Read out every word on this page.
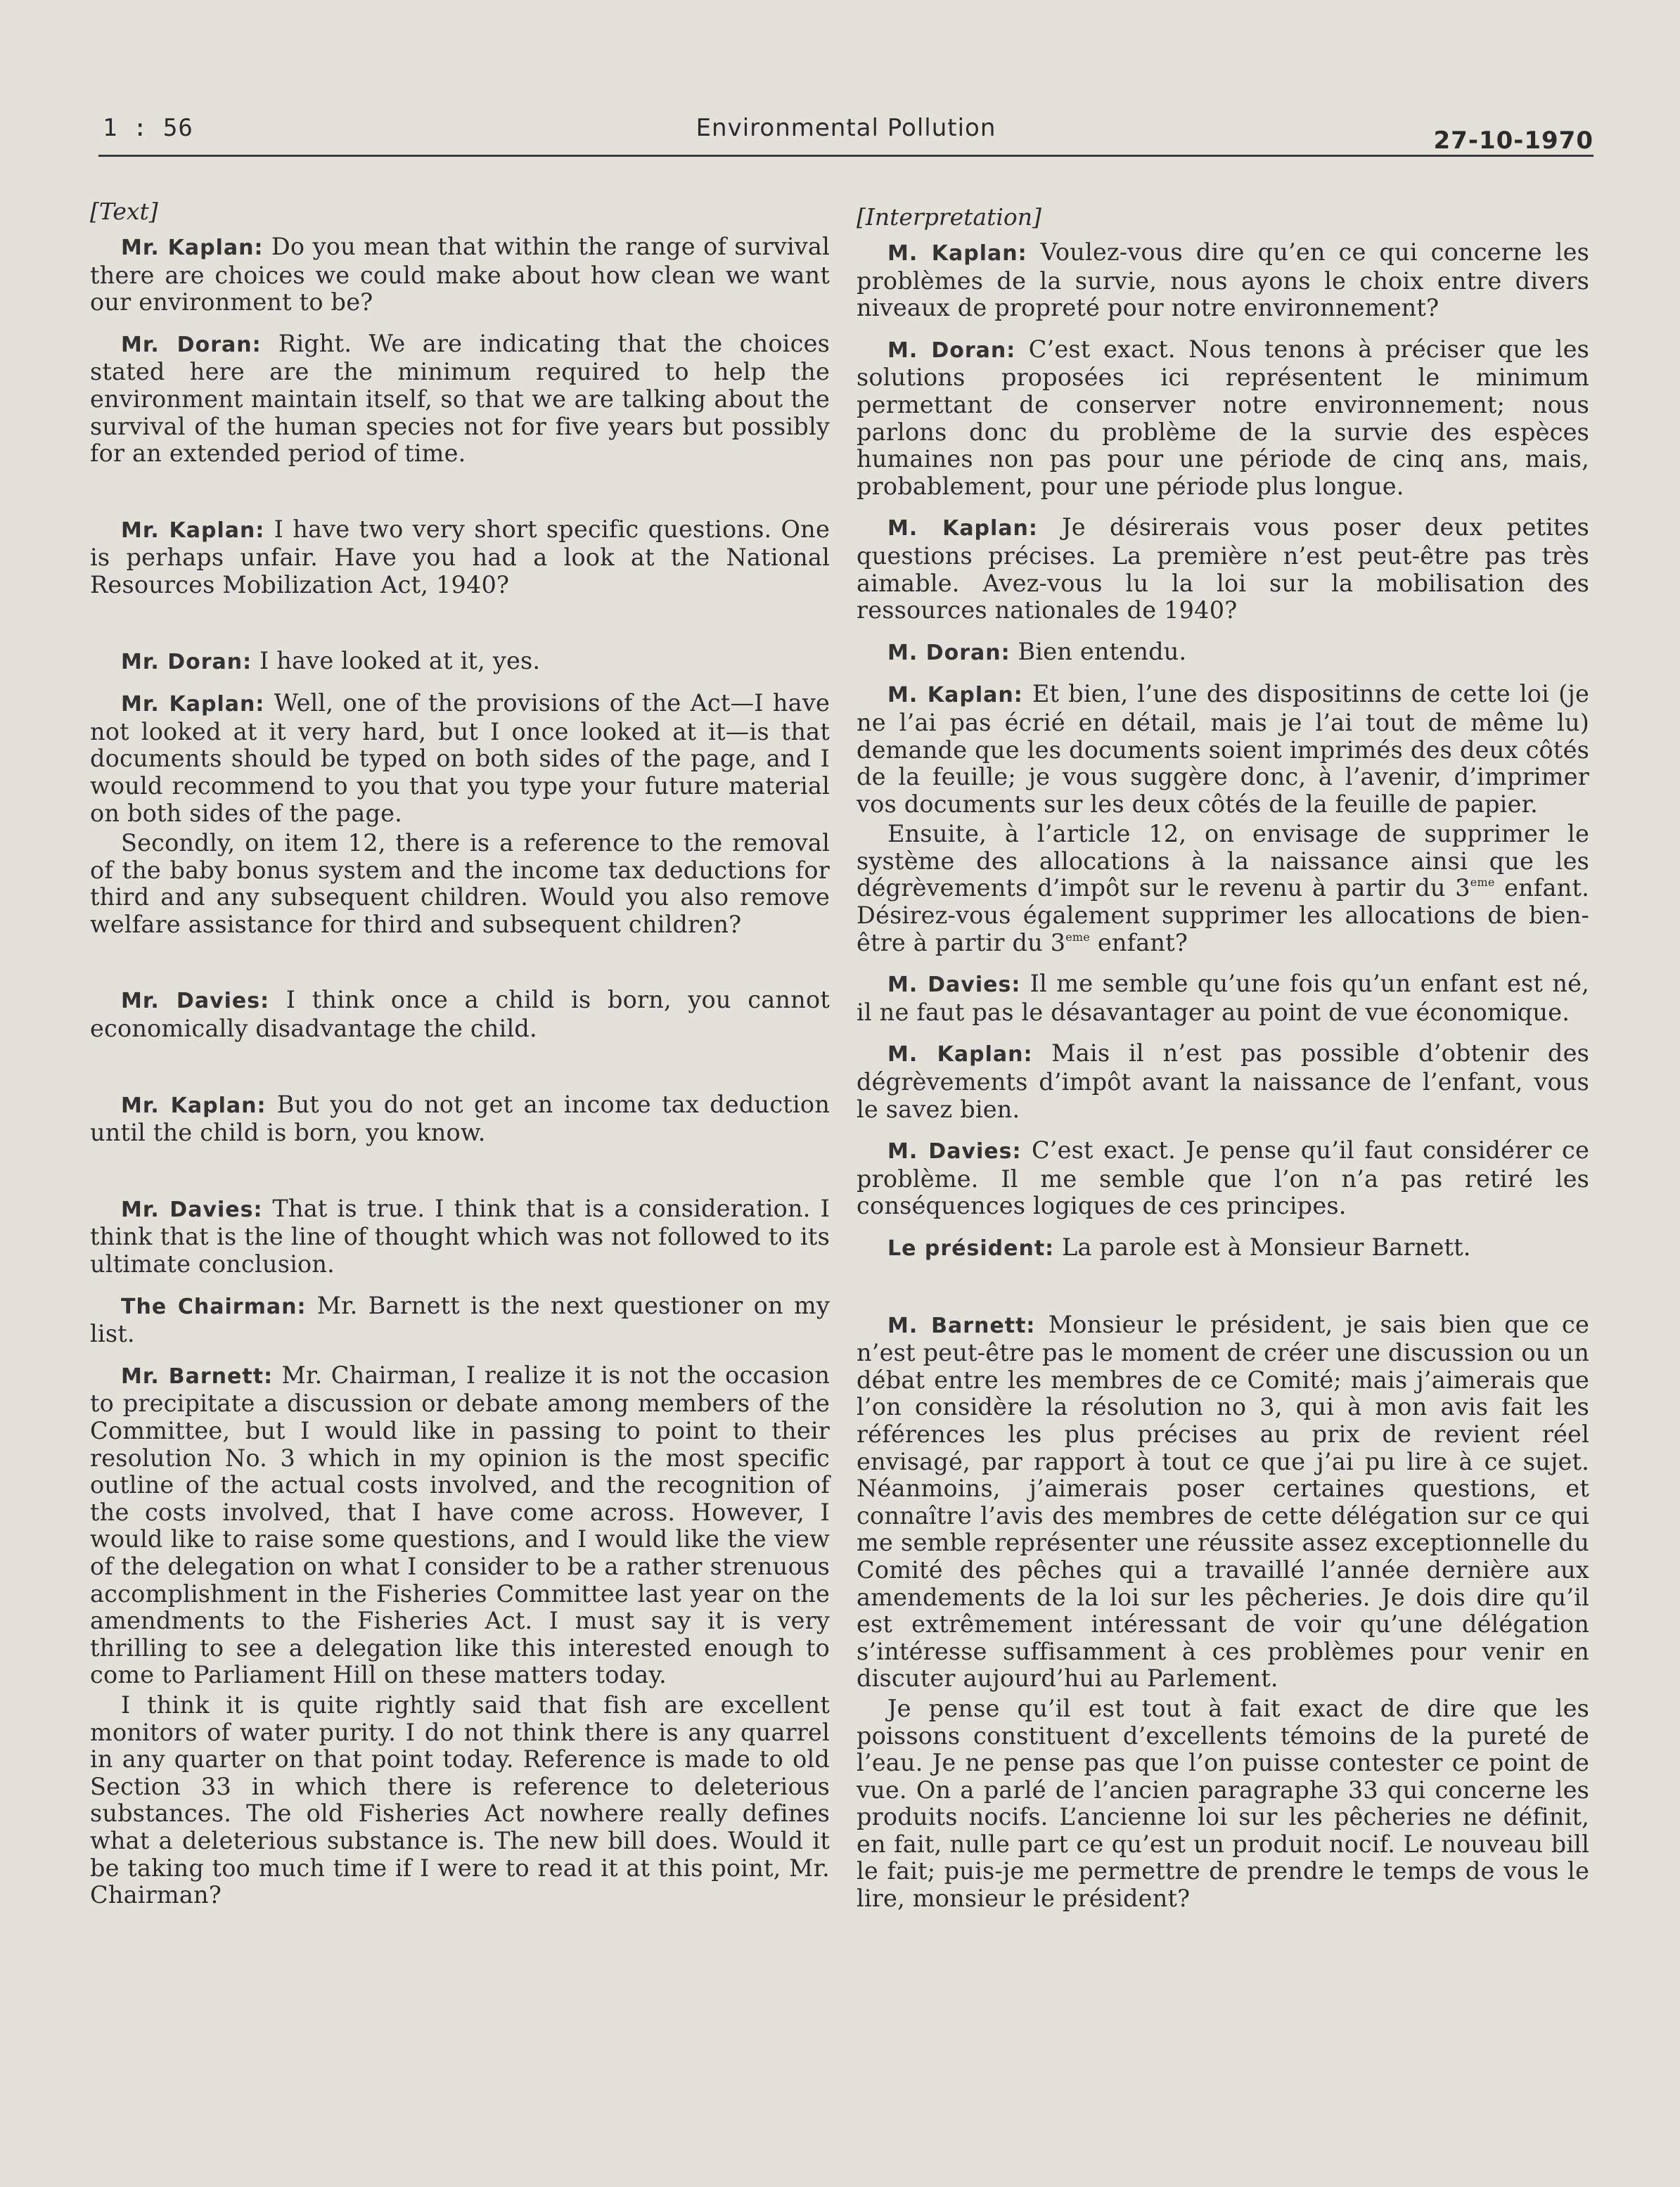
1 : 56	Environmental Pollution	27-10-1970
[Text]

Mr. Kaplan: Do you mean that within the range of survival there are choices we could make about how clean we want our environment to be?

Mr. Doran: Right. We are indicating that the choices stated here are the minimum required to help the environment maintain itself, so that we are talking about the survival of the human species not for five years but possibly for an extended period of time.

Mr. Kaplan: I have two very short specific questions. One is perhaps unfair. Have you had a look at the National Resources Mobilization Act, 1940?

Mr. Doran: I have looked at it, yes.

Mr. Kaplan: Well, one of the provisions of the Act—I have not looked at it very hard, but I once looked at it—is that documents should be typed on both sides of the page, and I would recommend to you that you type your future material on both sides of the page.

Secondly, on item 12, there is a reference to the removal of the baby bonus system and the income tax deductions for third and any subsequent children. Would you also remove welfare assistance for third and subsequent children?

Mr. Davies: I think once a child is born, you cannot economically disadvantage the child.

Mr. Kaplan: But you do not get an income tax deduction until the child is born, you know.

Mr. Davies: That is true. I think that is a consideration. I think that is the line of thought which was not followed to its ultimate conclusion.

The Chairman: Mr. Barnett is the next questioner on my list.

Mr. Barnett: Mr. Chairman, I realize it is not the occasion to precipitate a discussion or debate among members of the Committee, but I would like in passing to point to their resolution No. 3 which in my opinion is the most specific outline of the actual costs involved, and the recognition of the costs involved, that I have come across. However, I would like to raise some questions, and I would like the view of the delegation on what I consider to be a rather strenuous accomplishment in the Fisheries Committee last year on the amendments to the Fisheries Act. I must say it is very thrilling to see a delegation like this interested enough to come to Parliament Hill on these matters today.

I think it is quite rightly said that fish are excellent monitors of water purity. I do not think there is any quarrel in any quarter on that point today. Reference is made to old Section 33 in which there is reference to deleterious substances. The old Fisheries Act nowhere really defines what a deleterious substance is. The new bill does. Would it be taking too much time if I were to read it at this point, Mr. Chairman?

[Interpretation]

M. Kaplan: Voulez-vous dire qu’en ce qui concerne les problèmes de la survie, nous ayons le choix entre divers niveaux de propreté pour notre environnement?

M. Doran: C’est exact. Nous tenons à préciser que les solutions proposées ici représentent le minimum permettant de conserver notre environnement; nous parlons donc du problème de la survie des espèces humaines non pas pour une période de cinq ans, mais, probablement, pour une période plus longue.

M. Kaplan: Je désirerais vous poser deux petites questions précises. La première n’est peut-être pas très aimable. Avez-vous lu la loi sur la mobilisation des ressources nationales de 1940?

M. Doran: Bien entendu.

M. Kaplan: Et bien, l’une des dispositinns de cette loi (je ne l’ai pas écrié en détail, mais je l’ai tout de même lu) demande que les documents soient imprimés des deux côtés de la feuille; je vous suggère donc, à l’avenir, d’imprimer vos documents sur les deux côtés de la feuille de papier.

Ensuite, à l’article 12, on envisage de supprimer le système des allocations à la naissance ainsi que les dégrèvements d’impôt sur le revenu à partir du 3eme enfant. Désirez-vous également supprimer les allocations de bien-être à partir du 3eme enfant?

M. Davies: Il me semble qu’une fois qu’un enfant est né, il ne faut pas le désavantager au point de vue économique.

M. Kaplan: Mais il n’est pas possible d’obtenir des dégrèvements d’impôt avant la naissance de l’enfant, vous le savez bien.

M. Davies: C’est exact. Je pense qu’il faut considérer ce problème. Il me semble que l’on n’a pas retiré les conséquences logiques de ces principes.

Le président: La parole est à Monsieur Barnett.

M. Barnett: Monsieur le président, je sais bien que ce n’est peut-être pas le moment de créer une discussion ou un débat entre les membres de ce Comité; mais j’aimerais que l’on considère la résolution no 3, qui à mon avis fait les références les plus précises au prix de revient réel envisagé, par rapport à tout ce que j’ai pu lire à ce sujet. Néanmoins, j’aimerais poser certaines questions, et connaître l’avis des membres de cette délégation sur ce qui me semble représenter une réussite assez exceptionnelle du Comité des pêches qui a travaillé l’année dernière aux amendements de la loi sur les pêcheries. Je dois dire qu’il est extrêmement intéressant de voir qu’une délégation s’intéresse suffisamment à ces problèmes pour venir en discuter aujourd’hui au Parlement.

Je pense qu’il est tout à fait exact de dire que les poissons constituent d’excellents témoins de la pureté de l’eau. Je ne pense pas que l’on puisse contester ce point de vue. On a parlé de l’ancien paragraphe 33 qui concerne les produits nocifs. L’ancienne loi sur les pêcheries ne définit, en fait, nulle part ce qu’est un produit nocif. Le nouveau bill le fait; puis-je me permettre de prendre le temps de vous le lire, monsieur le président?
